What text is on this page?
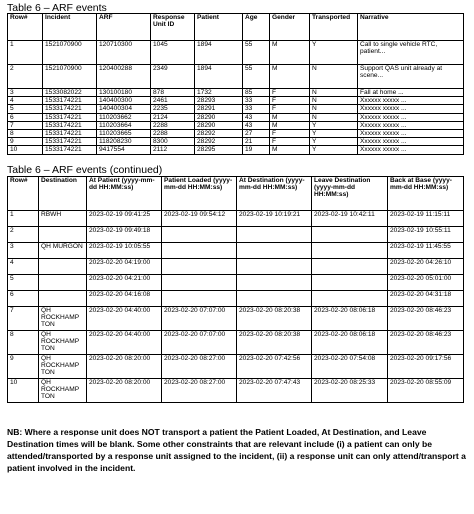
Table 6 – ARF events
Row#	Incident	ARF	Response Unit ID	Patient	Age	Gender	Transported	Narrative
1	1521070900	120710300	1045	1894	55	M	Y	Call to single vehicle RTC, patient...
2	1521070900	120400288	2349	1894	55	M	N	Support QAS unit already at scene...
3	1533082022	130100180	878	1732	85	F	N	Fall at home ...
4	1533174221	140400300	2461	28293	33	F	N	Xxxxxx xxxxx ...
5	1533174221	140400304	2235	28291	33	F	N	Xxxxxx xxxxx ...
6	1533174221	110203662	2124	28290	43	M	N	Xxxxxx xxxxx ...
7	1533174221	110203664	2288	28290	43	M	Y	Xxxxxx xxxxx ...
8	1533174221	110203665	2288	28292	27	F	Y	Xxxxxx xxxxx ...
9	1533174221	118208230	8300	28292	21	F	Y	Xxxxxx xxxxx ...
10	1533174221	9417554	2112	28295	19	M	Y	Xxxxxx xxxxx ...
Table 6 – ARF events (continued)
Row#	Destination	At Patient (yyyy-mm-dd HH:MM:ss)	Patient Loaded (yyyy-mm-dd HH:MM:ss)	At Destination (yyyy-mm-dd HH:MM:ss)	Leave Destination (yyyy-mm-dd HH:MM:ss)	Back at Base (yyyy-mm-dd HH:MM:ss)
1	RBWH	2023-02-19 09:41:25	2023-02-19 09:54:12	2023-02-19 10:19:21	2023-02-19 10:42:11	2023-02-19 11:15:11
2		2023-02-19 09:49:18				2023-02-19 10:55:11
3	QH MURGON	2023-02-19 10:05:55				2023-02-19 11:45:55
4		2023-02-20 04:19:00				2023-02-20 04:26:10
5		2023-02-20 04:21:00				2023-02-20 05:01:00
6		2023-02-20 04:16:08				2023-02-20 04:31:18
7	QH ROCKHAMP TON	2023-02-20 04:40:00	2023-02-20 07:07:00	2023-02-20 08:20:38	2023-02-20 08:06:18	2023-02-20 08:46:23
8	QH ROCKHAMP TON	2023-02-20 04:40:00	2023-02-20 07:07:00	2023-02-20 08:20:38	2023-02-20 08:06:18	2023-02-20 08:46:23
9	QH ROCKHAMP TON	2023-02-20 08:20:00	2023-02-20 08:27:00	2023-02-20 07:42:56	2023-02-20 07:54:08	2023-02-20 09:17:56
10	QH ROCKHAMP TON	2023-02-20 08:20:00	2023-02-20 08:27:00	2023-02-20 07:47:43	2023-02-20 08:25:33	2023-02-20 08:55:09
NB: Where a response unit does NOT transport a patient the Patient Loaded, At Destination, and Leave Destination times will be blank. Some other constraints that are relevant include (i) a patient can only be attended/transported by a response unit assigned to the incident, (ii) a response unit can only attend/transport a patient involved in the incident.
